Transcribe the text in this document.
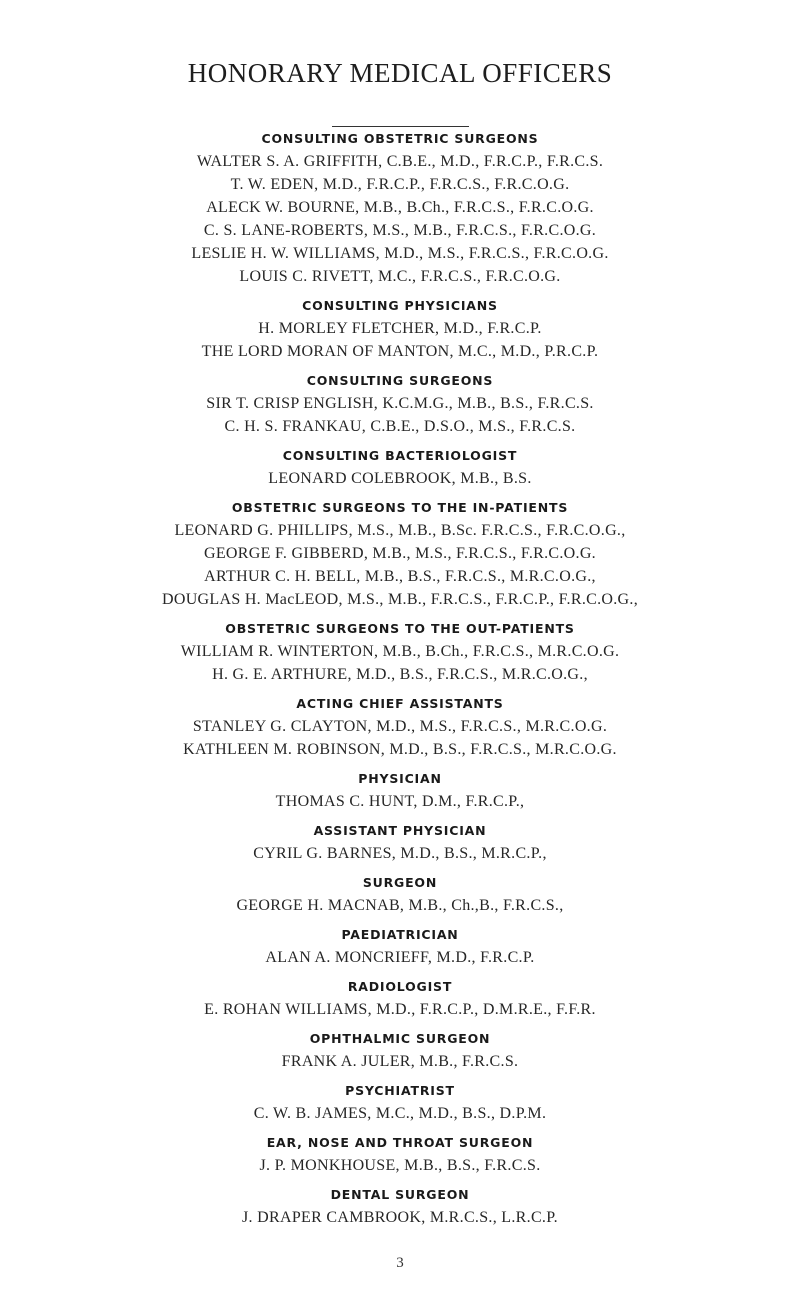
HONORARY MEDICAL OFFICERS
CONSULTING OBSTETRIC SURGEONS
WALTER S. A. GRIFFITH, C.B.E., M.D., F.R.C.P., F.R.C.S.
T. W. EDEN, M.D., F.R.C.P., F.R.C.S., F.R.C.O.G.
ALECK W. BOURNE, M.B., B.Ch., F.R.C.S., F.R.C.O.G.
C. S. LANE-ROBERTS, M.S., M.B., F.R.C.S., F.R.C.O.G.
LESLIE H. W. WILLIAMS, M.D., M.S., F.R.C.S., F.R.C.O.G.
LOUIS C. RIVETT, M.C., F.R.C.S., F.R.C.O.G.
CONSULTING PHYSICIANS
H. MORLEY FLETCHER, M.D., F.R.C.P.
THE LORD MORAN OF MANTON, M.C., M.D., P.R.C.P.
CONSULTING SURGEONS
SIR T. CRISP ENGLISH, K.C.M.G., M.B., B.S., F.R.C.S.
C. H. S. FRANKAU, C.B.E., D.S.O., M.S., F.R.C.S.
CONSULTING BACTERIOLOGIST
LEONARD COLEBROOK, M.B., B.S.
OBSTETRIC SURGEONS TO THE IN-PATIENTS
LEONARD G. PHILLIPS, M.S., M.B., B.Sc. F.R.C.S., F.R.C.O.G.,
GEORGE F. GIBBERD, M.B., M.S., F.R.C.S., F.R.C.O.G.
ARTHUR C. H. BELL, M.B., B.S., F.R.C.S., M.R.C.O.G.,
DOUGLAS H. MacLEOD, M.S., M.B., F.R.C.S., F.R.C.P., F.R.C.O.G.,
OBSTETRIC SURGEONS TO THE OUT-PATIENTS
WILLIAM R. WINTERTON, M.B., B.Ch., F.R.C.S., M.R.C.O.G.
H. G. E. ARTHURE, M.D., B.S., F.R.C.S., M.R.C.O.G.,
ACTING CHIEF ASSISTANTS
STANLEY G. CLAYTON, M.D., M.S., F.R.C.S., M.R.C.O.G.
KATHLEEN M. ROBINSON, M.D., B.S., F.R.C.S., M.R.C.O.G.
PHYSICIAN
THOMAS C. HUNT, D.M., F.R.C.P.,
ASSISTANT PHYSICIAN
CYRIL G. BARNES, M.D., B.S., M.R.C.P.,
SURGEON
GEORGE H. MACNAB, M.B., Ch.,B., F.R.C.S.,
PAEDIATRICIAN
ALAN A. MONCRIEFF, M.D., F.R.C.P.
RADIOLOGIST
E. ROHAN WILLIAMS, M.D., F.R.C.P., D.M.R.E., F.F.R.
OPHTHALMIC SURGEON
FRANK A. JULER, M.B., F.R.C.S.
PSYCHIATRIST
C. W. B. JAMES, M.C., M.D., B.S., D.P.M.
EAR, NOSE AND THROAT SURGEON
J. P. MONKHOUSE, M.B., B.S., F.R.C.S.
DENTAL SURGEON
J. DRAPER CAMBROOK, M.R.C.S., L.R.C.P.
3
